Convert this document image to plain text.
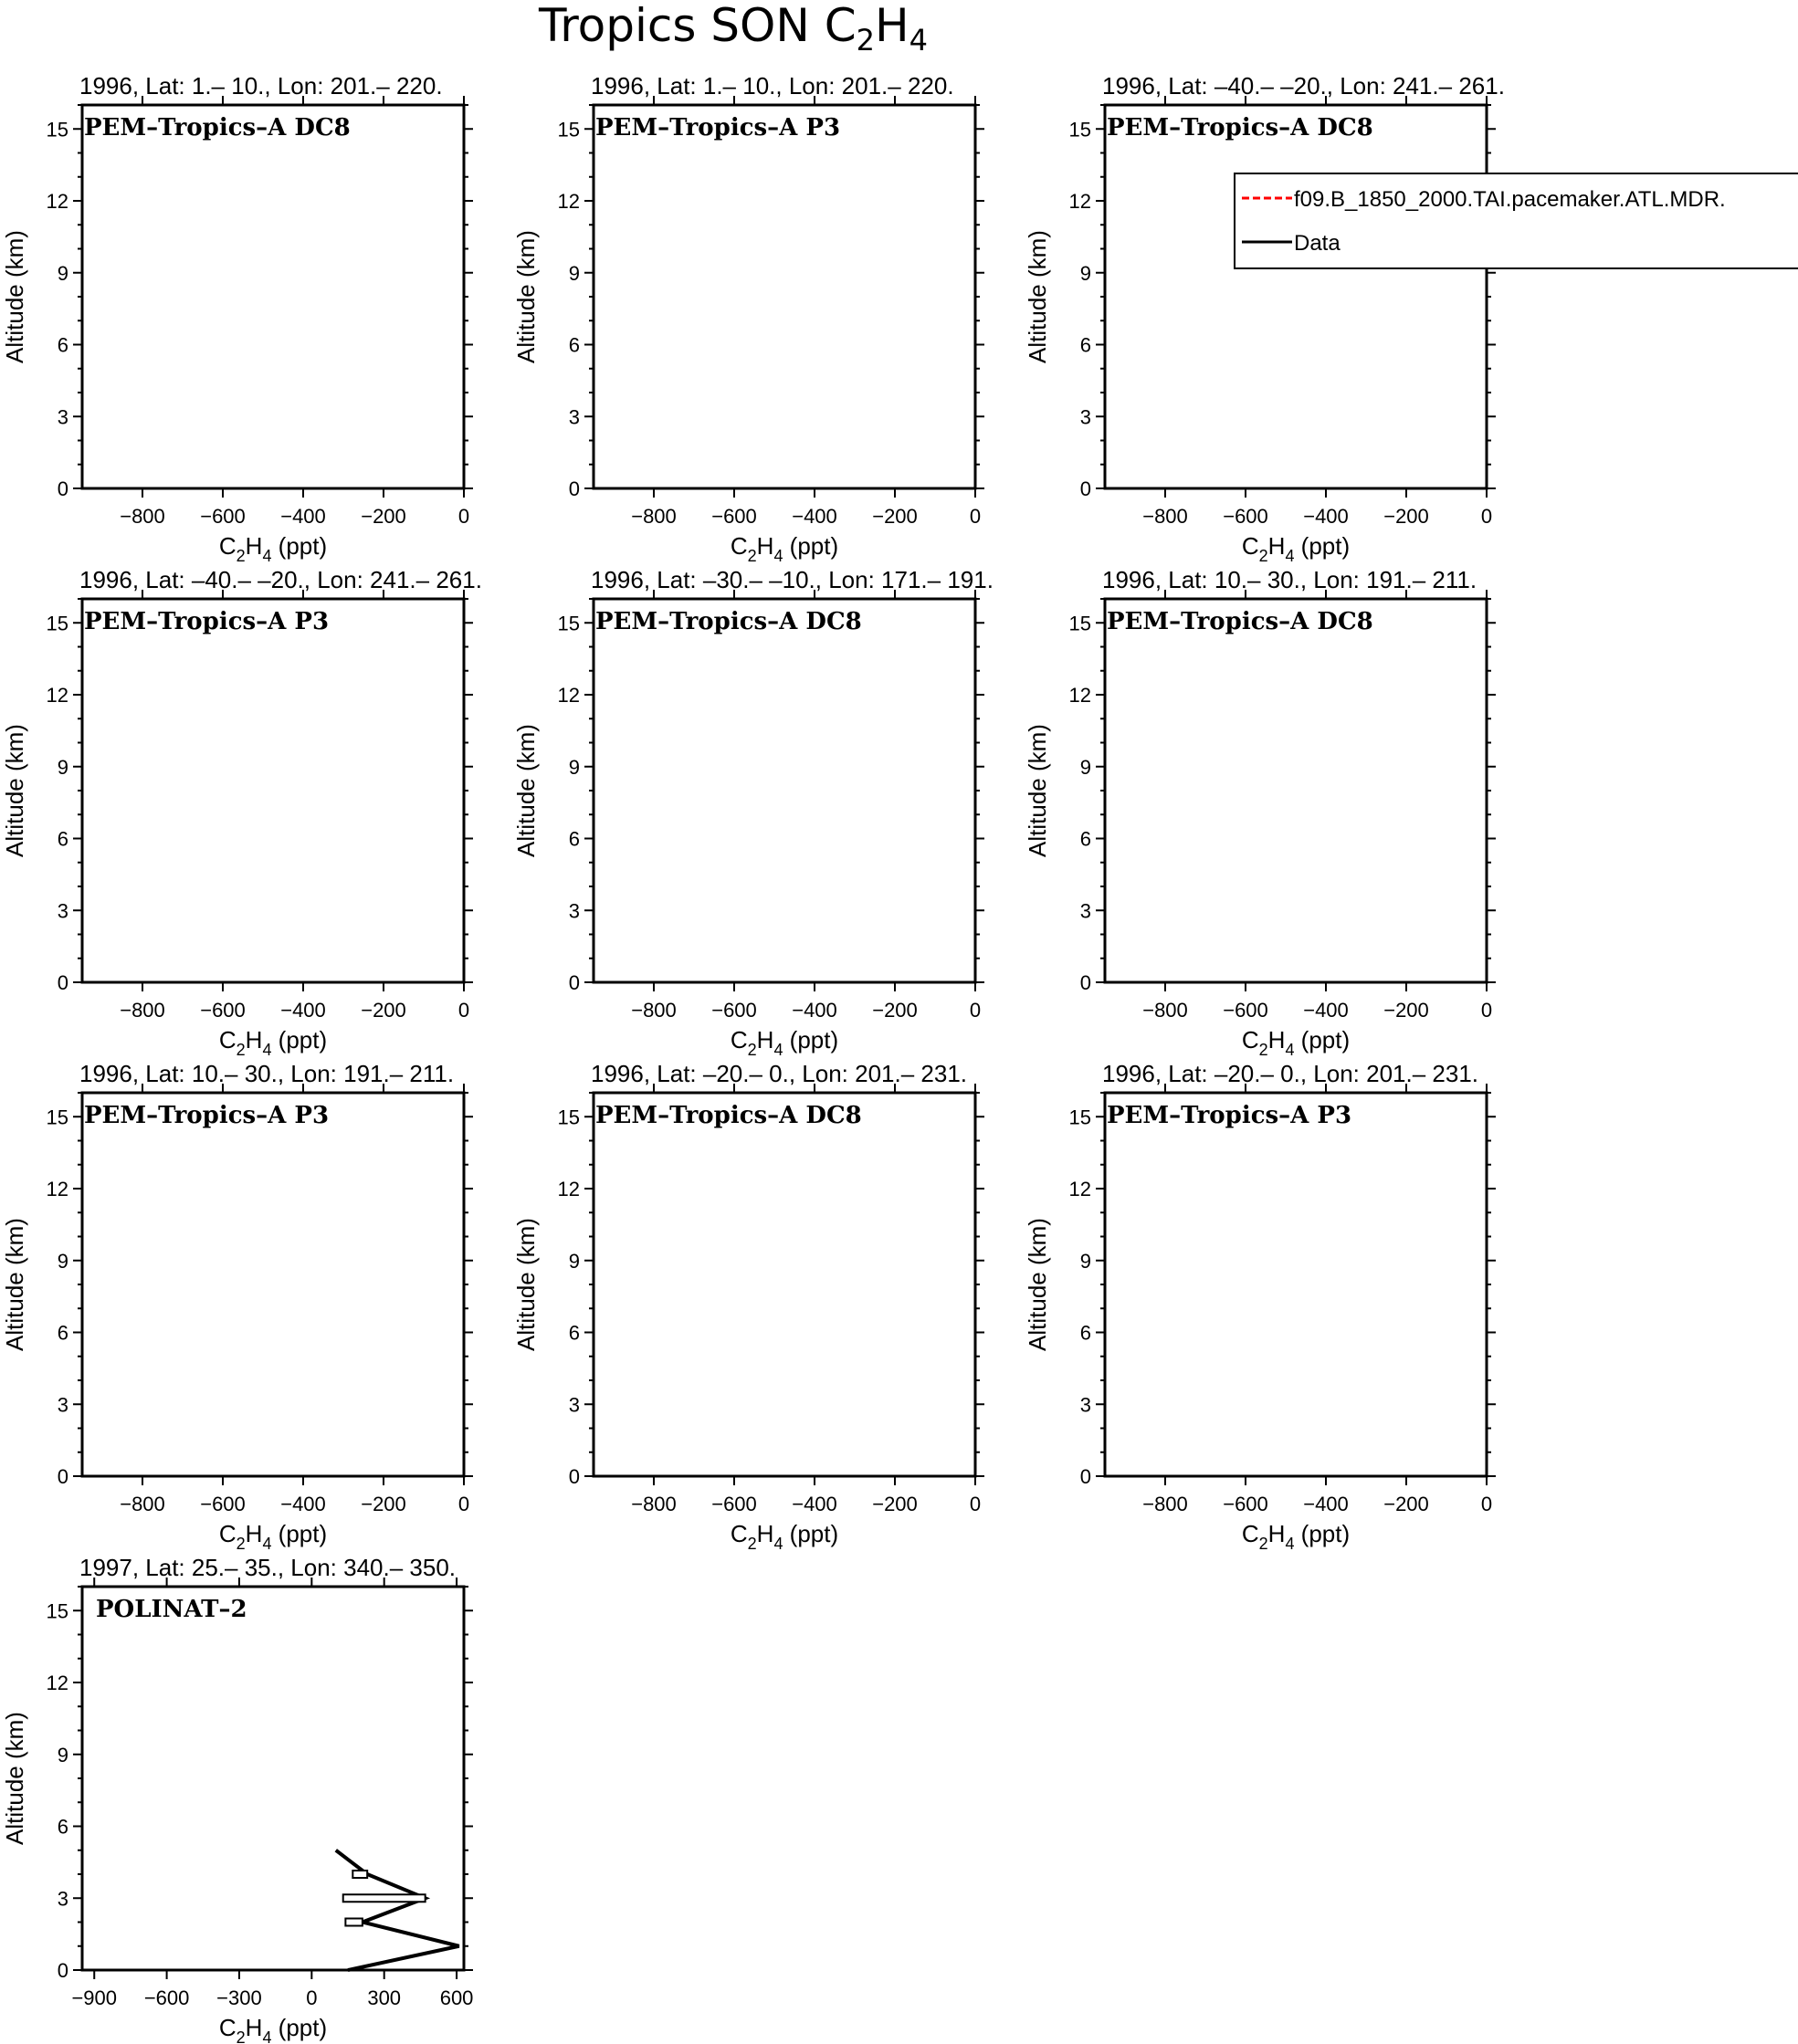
Tropics SON $C_2H_4$
1996, Lat: 1.– 10., Lon: 201.– 220.
0
3
6
9
12
15
−800 −600 −400 −200	0
PEM–Tropics–A DC8
Altitude (km)
$C_2H_4$ (ppt)
1996, Lat: 1.– 10., Lon: 201.– 220.
0
3
6
9
12
15
−800 −600 −400 −200	0
PEM–Tropics–A P3
Altitude (km)
$C_2H_4$ (ppt)
1996, Lat: –40.– –20., Lon: 241.– 261.
0
3
6
9
12
15
−800 −600 −400 −200	0
PEM–Tropics–A DC8
Altitude (km)
$C_2H_4$ (ppt)
1996, Lat: –40.– –20., Lon: 241.– 261.
0
3
6
9
12
15
−800 −600 −400 −200	0
PEM–Tropics–A P3
Altitude (km)
$C_2H_4$ (ppt)
1996, Lat: –30.– –10., Lon: 171.– 191.
0
3
6
9
12
15
−800 −600 −400 −200	0
PEM–Tropics–A DC8
Altitude (km)
$C_2H_4$ (ppt)
1996, Lat: 10.– 30., Lon: 191.– 211.
0
3
6
9
12
15
−800 −600 −400 −200	0
PEM–Tropics–A DC8
Altitude (km)
$C_2H_4$ (ppt)
1996, Lat: 10.– 30., Lon: 191.– 211.
0
3
6
9
12
15
−800 −600 −400 −200	0
PEM–Tropics–A P3
Altitude (km)
$C_2H_4$ (ppt)
1996, Lat: –20.– 0., Lon: 201.– 231.
0
3
6
9
12
15
−800 −600 −400 −200	0
PEM–Tropics–A DC8
Altitude (km)
$C_2H_4$ (ppt)
1996, Lat: –20.– 0., Lon: 201.– 231.
0
3
6
9
12
15
−800 −600 −400 −200	0
PEM–Tropics–A P3
Altitude (km)
$C_2H_4$ (ppt)
1997, Lat: 25.– 35., Lon: 340.– 350.
0
3
6
9
12
15
−900 −600 −300 0 300 600
POLINAT–2
Altitude (km)
$C_2H_4$ (ppt)
f09.B_1850_2000.TAI.pacemaker.ATL.MDR.
Data
